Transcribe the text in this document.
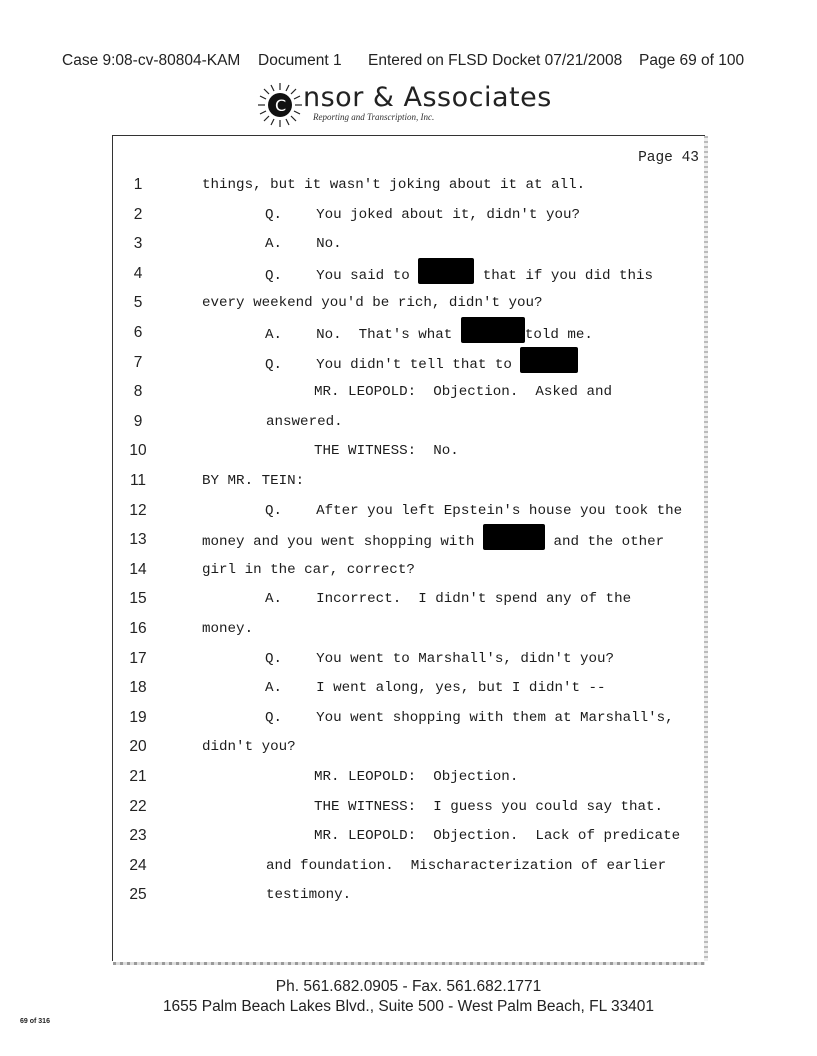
Case 9:08-cv-80804-KAM Document 1 Entered on FLSD Docket 07/21/2008 Page 69 of 100
C nsor & Associates
Reporting and Transcription, Inc.
Page 43
1	things, but it wasn't joking about it at all.
2	Q.    You joked about it, didn't you?
3	A.    No.
4	Q.    You said to	that if you did this
5	every weekend you'd be rich, didn't you?
6	A.    No.  That's what	told me.
7	Q.    You didn't tell that to
8	MR. LEOPOLD:  Objection.  Asked and
9	answered.
10	THE WITNESS:  No.
11	BY MR. TEIN:
12	Q.    After you left Epstein's house you took the
13	money and you went shopping with	and the other
14	girl in the car, correct?
15	A.    Incorrect.  I didn't spend any of the
16	money.
17	Q.    You went to Marshall's, didn't you?
18	A.    I went along, yes, but I didn't --
19	Q.    You went shopping with them at Marshall's,
20	didn't you?
21	MR. LEOPOLD:  Objection.
22	THE WITNESS:  I guess you could say that.
23	MR. LEOPOLD:  Objection.  Lack of predicate
24	and foundation.  Mischaracterization of earlier
25	testimony.
Ph. 561.682.0905 - Fax. 561.682.1771
1655 Palm Beach Lakes Blvd., Suite 500 - West Palm Beach, FL 33401
69 of 316
